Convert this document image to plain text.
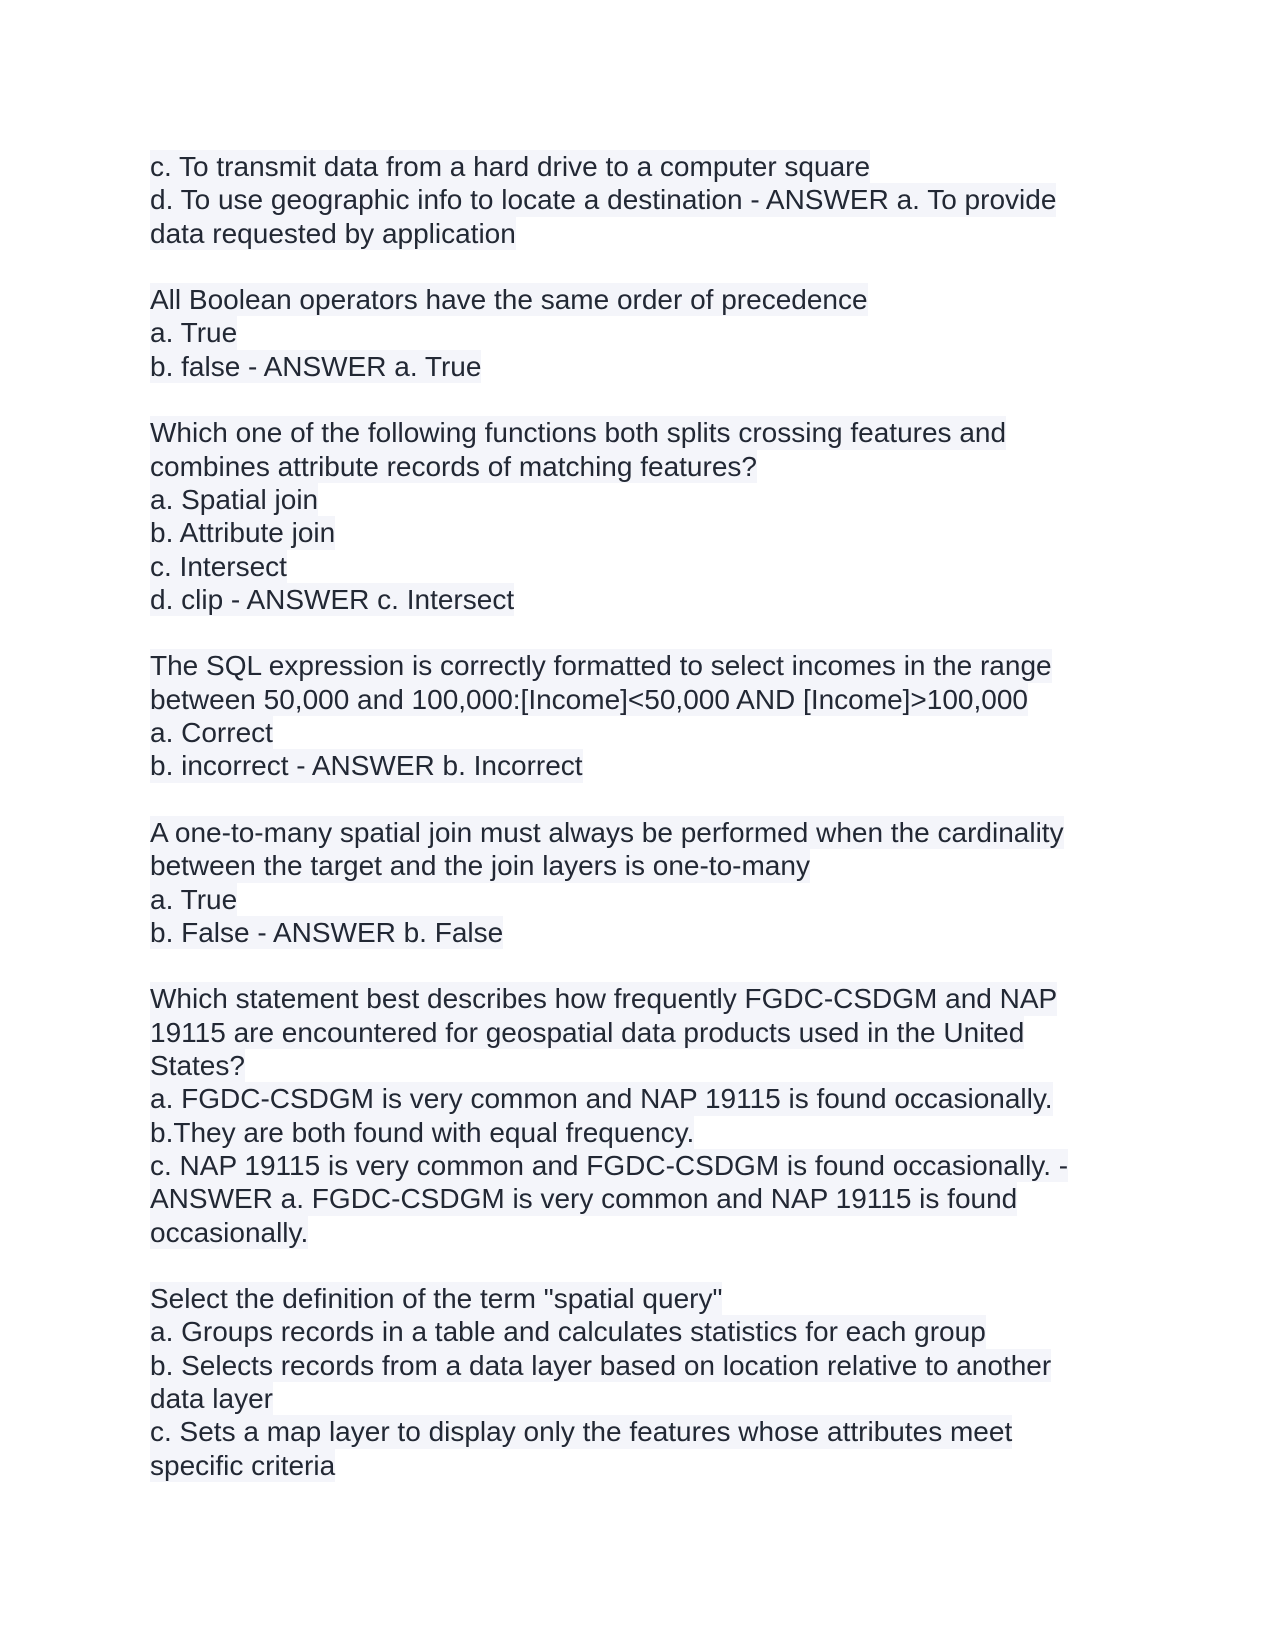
c. To transmit data from a hard drive to a computer square
d. To use geographic info to locate a destination - ANSWER a. To provide
data requested by application
All Boolean operators have the same order of precedence
a. True
b. false - ANSWER a. True
Which one of the following functions both splits crossing features and
combines attribute records of matching features?
a. Spatial join
b. Attribute join
c. Intersect
d. clip - ANSWER c. Intersect
The SQL expression is correctly formatted to select incomes in the range
between 50,000 and 100,000:[Income]<50,000 AND [Income]>100,000
a. Correct
b. incorrect - ANSWER b. Incorrect
A one-to-many spatial join must always be performed when the cardinality
between the target and the join layers is one-to-many
a. True
b. False - ANSWER b. False
Which statement best describes how frequently FGDC-CSDGM and NAP
19115 are encountered for geospatial data products used in the United
States?
a. FGDC-CSDGM is very common and NAP 19115 is found occasionally.
b.They are both found with equal frequency.
c. NAP 19115 is very common and FGDC-CSDGM is found occasionally. -
ANSWER a. FGDC-CSDGM is very common and NAP 19115 is found
occasionally.
Select the definition of the term "spatial query"
a. Groups records in a table and calculates statistics for each group
b. Selects records from a data layer based on location relative to another
data layer
c. Sets a map layer to display only the features whose attributes meet
specific criteria
